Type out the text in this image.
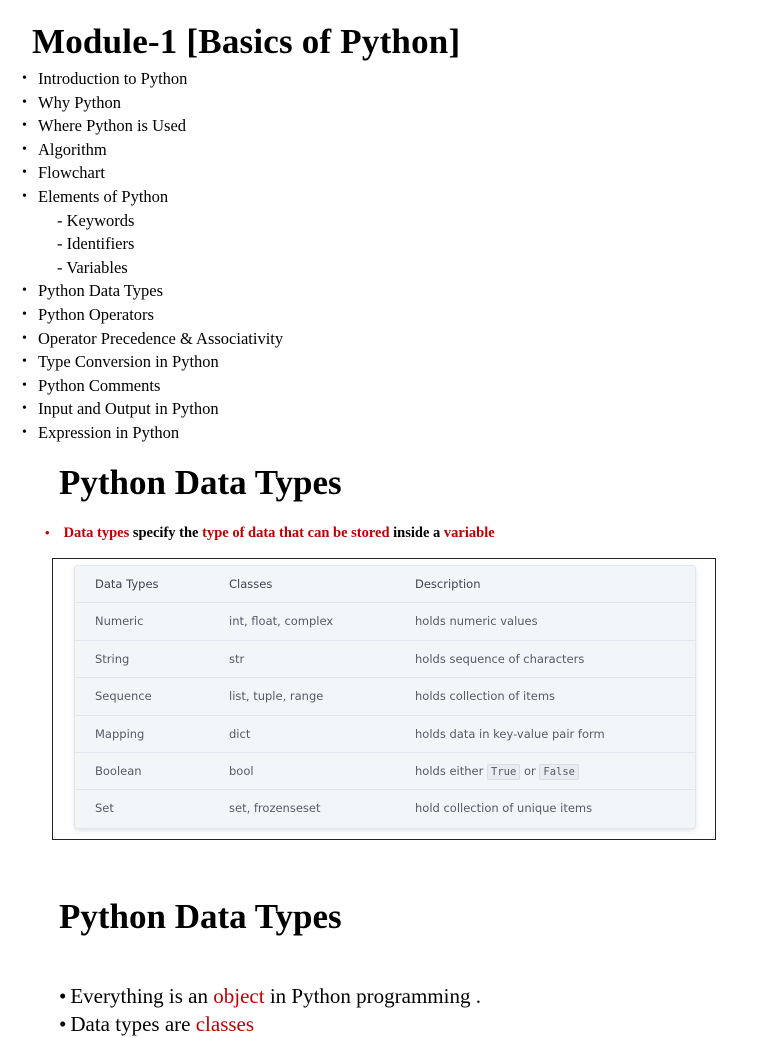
Module-1 [Basics of Python]
• Introduction to Python
• Why Python
• Where Python is Used
• Algorithm
• Flowchart
• Elements of Python
- Keywords
- Identifiers
- Variables
• Python Data Types
• Python Operators
• Operator Precedence & Associativity
• Type Conversion in Python
• Python Comments
• Input and Output in Python
• Expression in Python
Python Data Types
• Data types specify the type of data that can be stored inside a variable
Data Types	Classes	Description
Numeric	int, float, complex	holds numeric values
String	str	holds sequence of characters
Sequence	list, tuple, range	holds collection of items
Mapping	dict	holds data in key-value pair form
Boolean	bool	holds either True or False
Set	set, frozenseset	hold collection of unique items
Python Data Types
• Everything is an object in Python programming .
• Data types are classes
